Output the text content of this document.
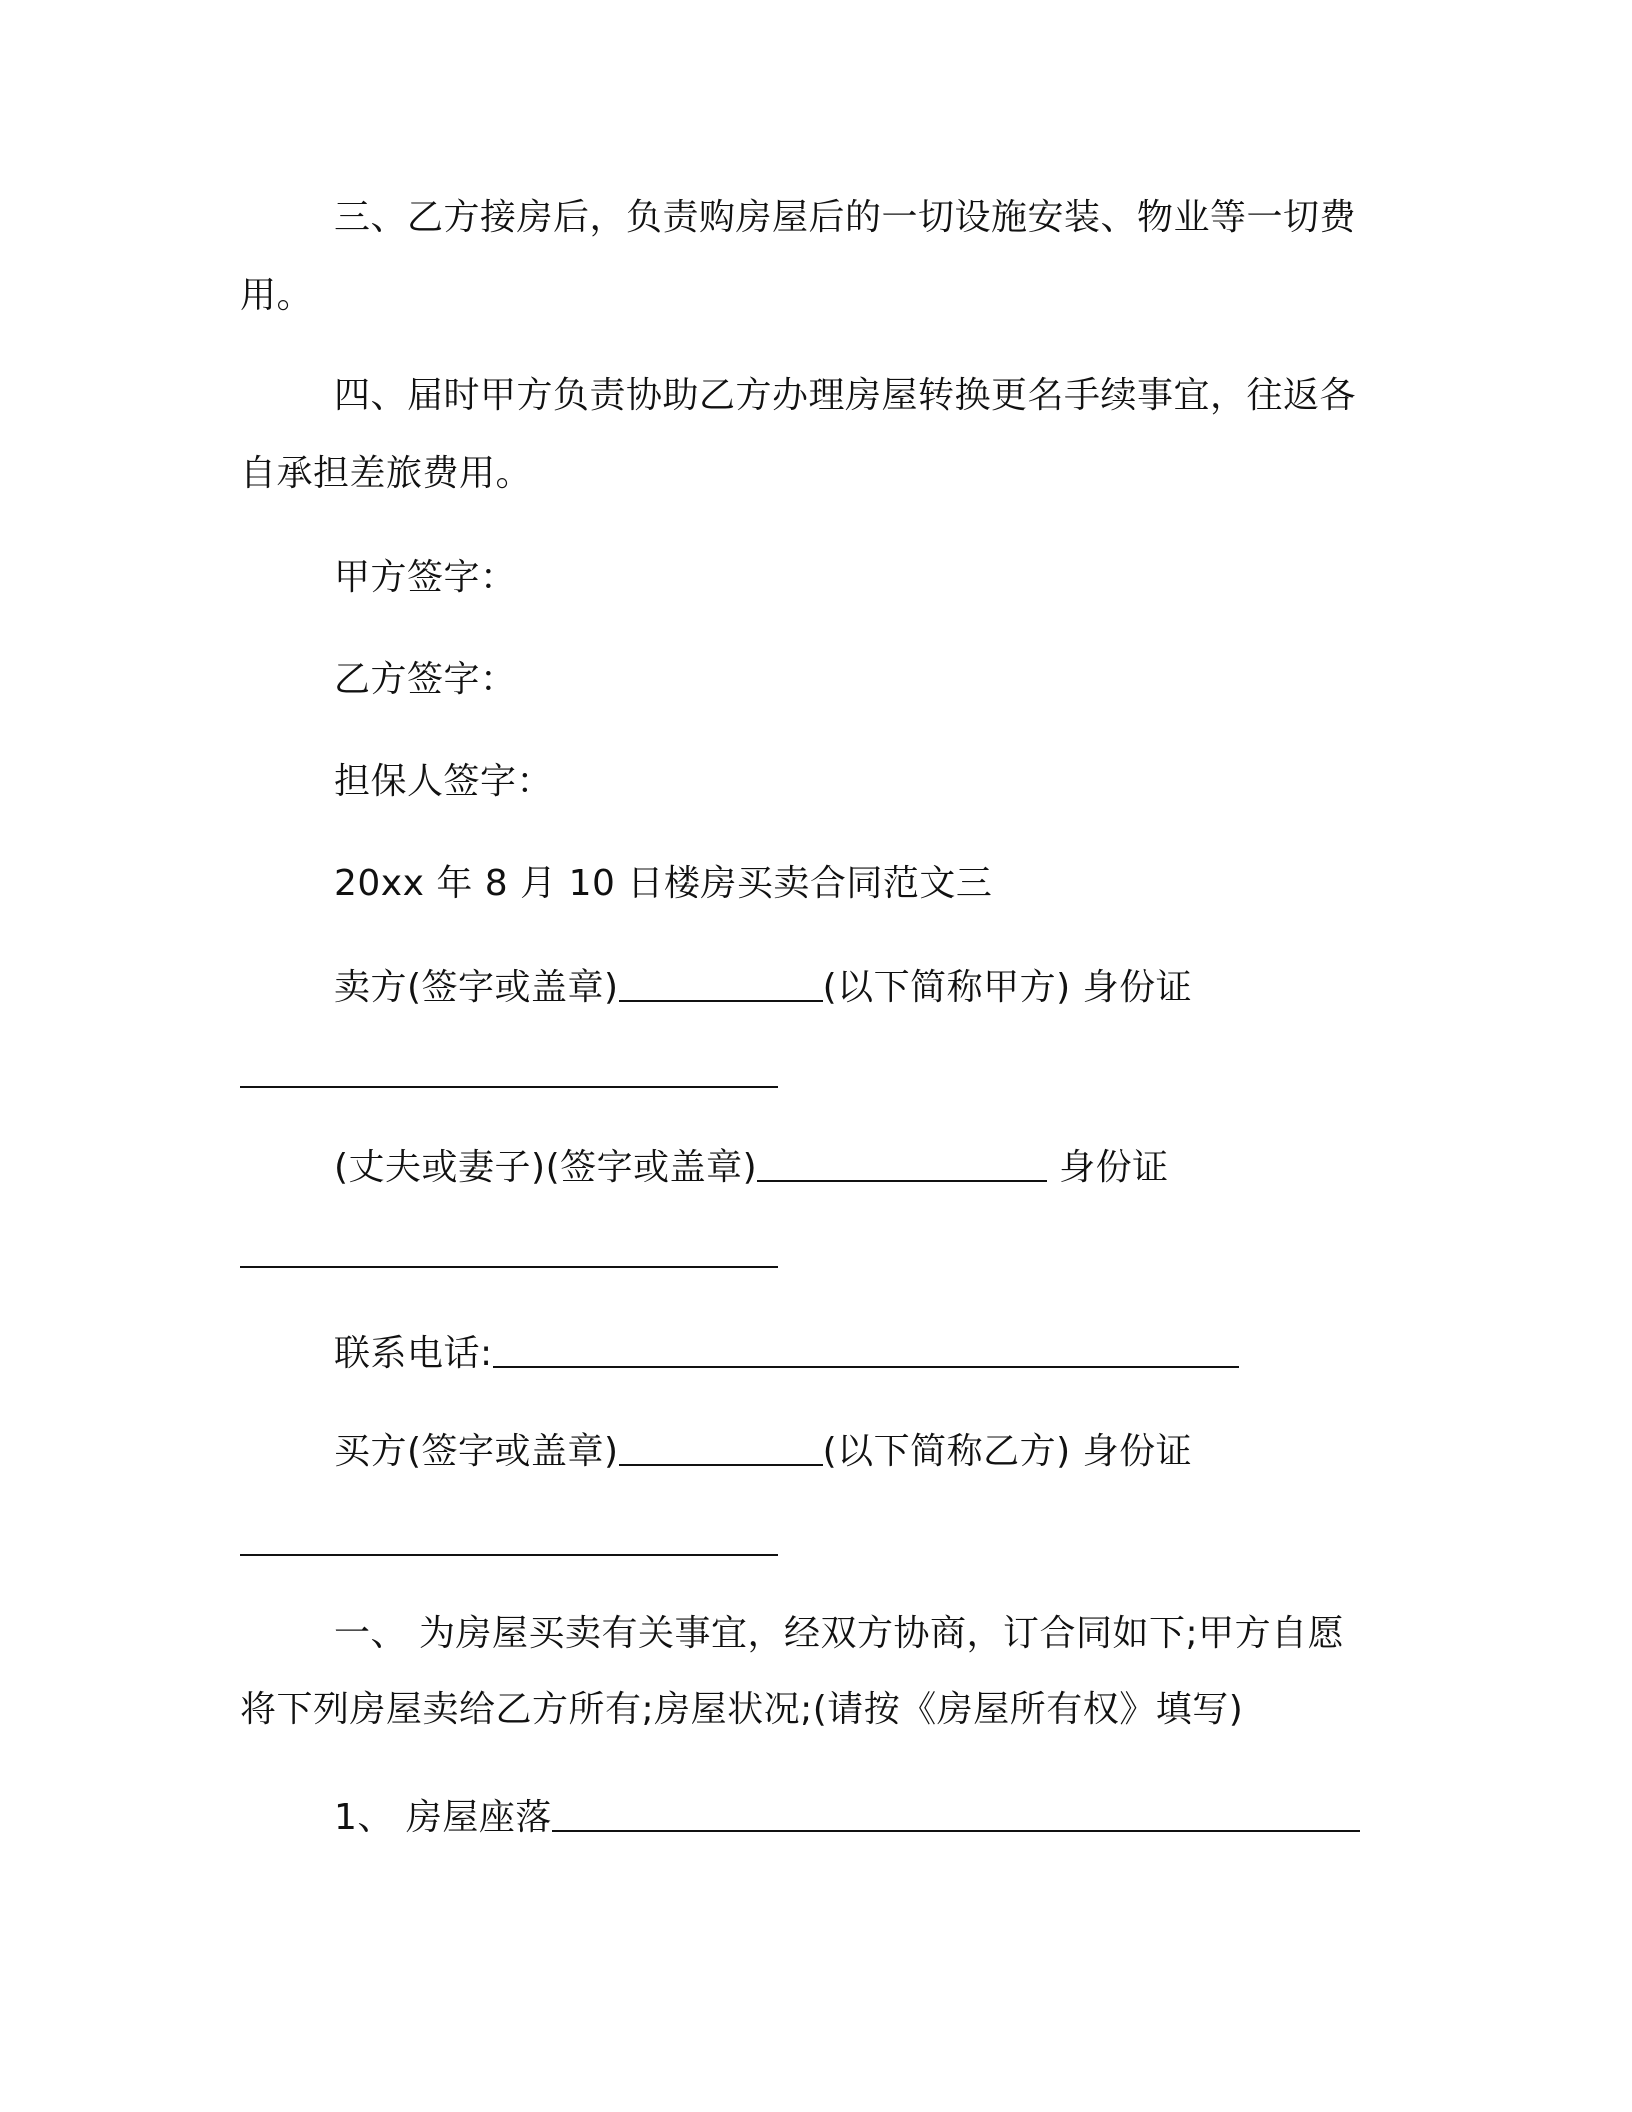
三、乙方接房后，负责购房屋后的一切设施安装、物业等一切费
用。
四、届时甲方负责协助乙方办理房屋转换更名手续事宜，往返各
自承担差旅费用。
甲方签字：
乙方签字：
担保人签字：
20xx 年 8 月 10 日楼房买卖合同范文三
卖方(签字或盖章)	(以下简称甲方) 身份证
(丈夫或妻子)(签字或盖章)	身份证
联系电话:
买方(签字或盖章)	(以下简称乙方) 身份证
一、 为房屋买卖有关事宜，经双方协商，订合同如下;甲方自愿
将下列房屋卖给乙方所有;房屋状况;(请按《房屋所有权》填写)
1、 房屋座落
